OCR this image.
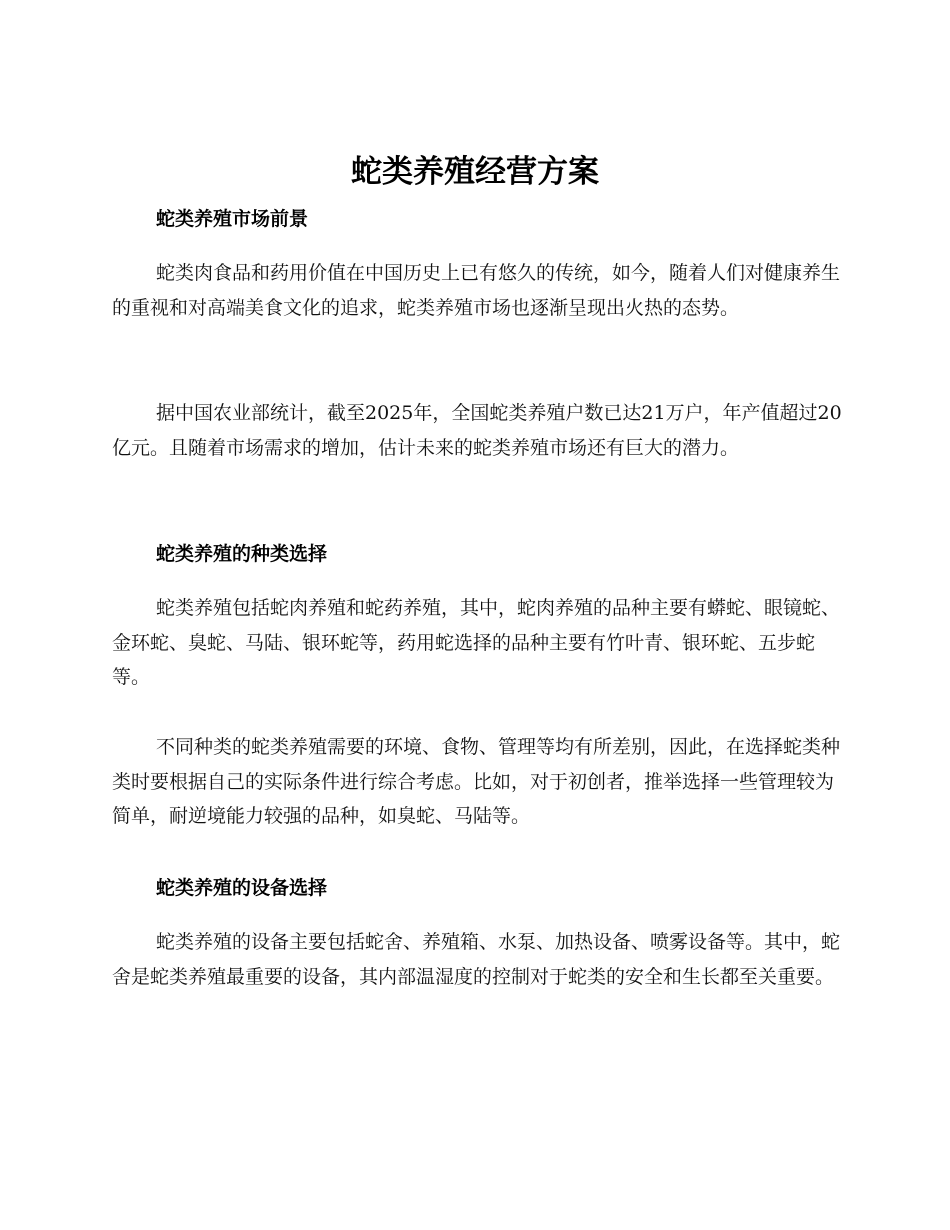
蛇类养殖经营方案
蛇类养殖市场前景

蛇类肉食品和药用价值在中国历史上已有悠久的传统，如今，随着人们对健康养生的重视和对高端美食文化的追求，蛇类养殖市场也逐渐呈现出火热的态势。

据中国农业部统计，截至2025年，全国蛇类养殖户数已达21万户，年产值超过20亿元。且随着市场需求的增加，估计未来的蛇类养殖市场还有巨大的潜力。

蛇类养殖的种类选择

蛇类养殖包括蛇肉养殖和蛇药养殖，其中，蛇肉养殖的品种主要有蟒蛇、眼镜蛇、金环蛇、臭蛇、马陆、银环蛇等，药用蛇选择的品种主要有竹叶青、银环蛇、五步蛇等。

不同种类的蛇类养殖需要的环境、食物、管理等均有所差别，因此，在选择蛇类种类时要根据自己的实际条件进行综合考虑。比如，对于初创者，推举选择一些管理较为简单，耐逆境能力较强的品种，如臭蛇、马陆等。

蛇类养殖的设备选择

蛇类养殖的设备主要包括蛇舍、养殖箱、水泵、加热设备、喷雾设备等。其中，蛇舍是蛇类养殖最重要的设备，其内部温湿度的控制对于蛇类的安全和生长都至关重要。
